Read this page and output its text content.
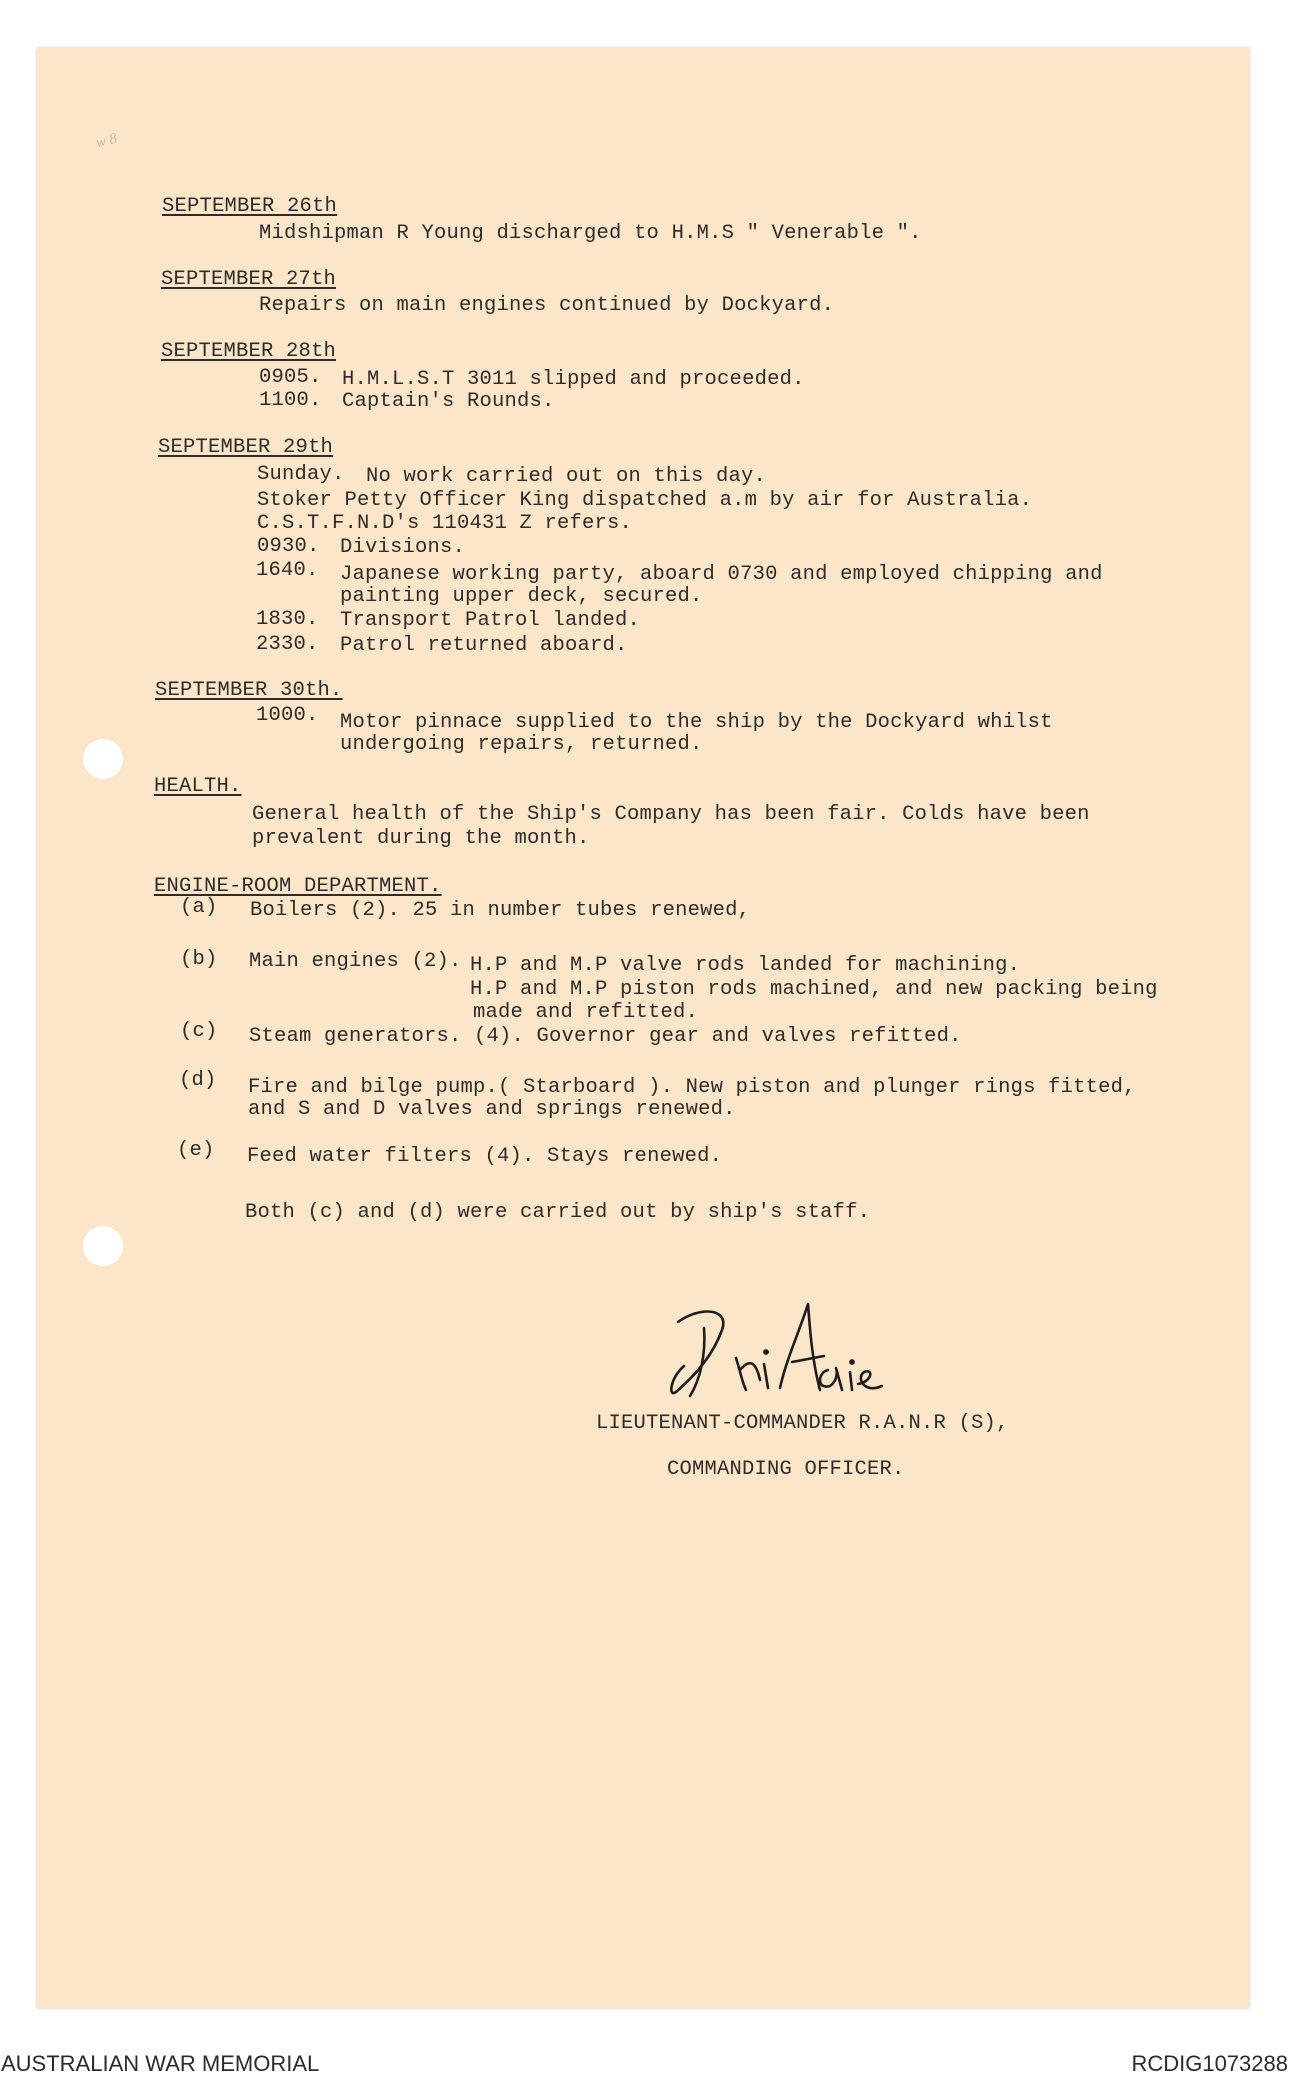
w 8
SEPTEMBER 26th
Midshipman R Young discharged to H.M.S " Venerable ".
SEPTEMBER 27th
Repairs on main engines continued by Dockyard.
SEPTEMBER 28th
0905. H.M.L.S.T 3011 slipped and proceeded.
1100. Captain's Rounds.
SEPTEMBER 29th
Sunday. No work carried out on this day.
Stoker Petty Officer King dispatched a.m by air for Australia.
C.S.T.F.N.D's 110431 Z refers.
0930. Divisions.
1640. Japanese working party, aboard 0730 and employed chipping and
painting upper deck, secured.
1830. Transport Patrol landed.
2330. Patrol returned aboard.
SEPTEMBER 30th.
1000. Motor pinnace supplied to the ship by the Dockyard whilst
undergoing repairs, returned.
HEALTH.
General health of the Ship's Company has been fair. Colds have been
prevalent during the month.
ENGINE-ROOM DEPARTMENT.
(a) Boilers (2). 25 in number tubes renewed,
(b) Main engines (2). H.P and M.P valve rods landed for machining.
H.P and M.P piston rods machined, and new packing being
made and refitted.
(c) Steam generators. (4). Governor gear and valves refitted.
(d) Fire and bilge pump.( Starboard ). New piston and plunger rings fitted,
and S and D valves and springs renewed.
(e) Feed water filters (4). Stays renewed.
Both (c) and (d) were carried out by ship's staff.
LIEUTENANT-COMMANDER R.A.N.R (S),
COMMANDING OFFICER.
AUSTRALIAN WAR MEMORIAL	RCDIG1073288
